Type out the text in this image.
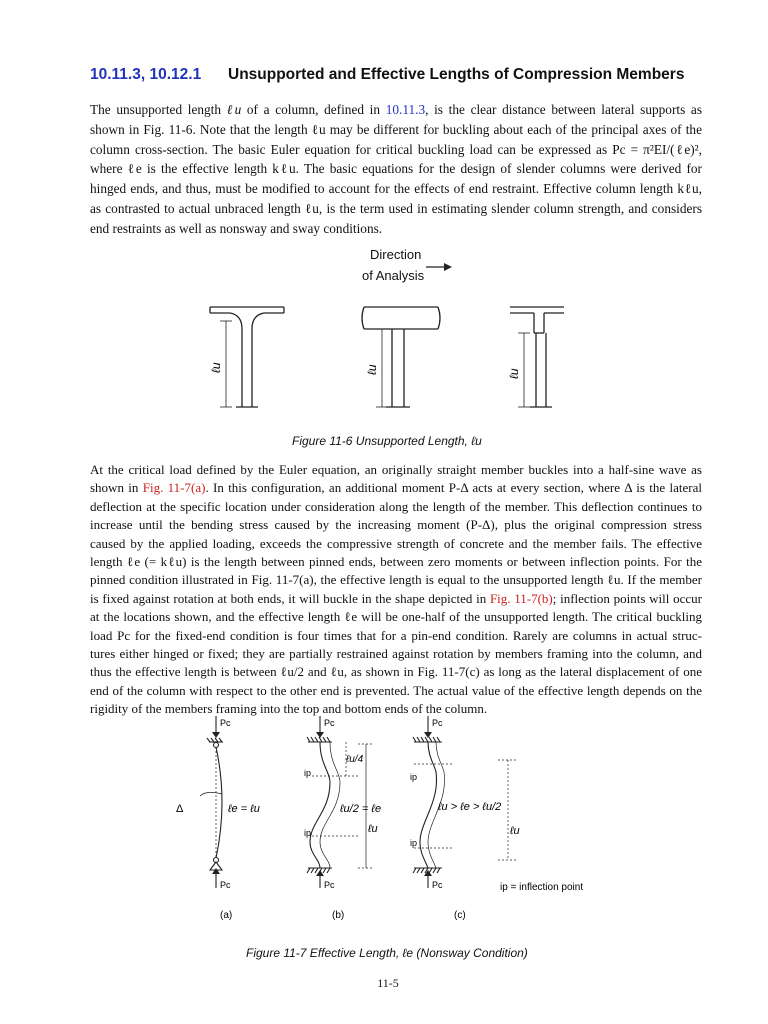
10.11.3, 10.12.1 Unsupported and Effective Lengths of Compression Members
The unsupported length ℓu of a column, defined in 10.11.3, is the clear distance between lateral supports as
shown in Fig. 11-6. Note that the length ℓu may be different for buckling about each of the principal axes of the
column cross-section. The basic Euler equation for critical buckling load can be expressed as Pc = π²EI/(ℓe)²,
where ℓe is the effective length kℓu. The basic equations for the design of slender columns were derived for
hinged ends, and thus, must be modified to account for the effects of end restraint. Effective column length kℓu,
as contrasted to actual unbraced length ℓu, is the term used in estimating slender column strength, and considers
end restraints as well as nonsway and sway conditions.
Direction
of Analysis
ℓu	ℓu	ℓu
Figure 11-6 Unsupported Length, ℓu
At the critical load defined by the Euler equation, an originally straight member buckles into a half-sine wave as
shown in Fig. 11-7(a). In this configuration, an additional moment P-Δ acts at every section, where Δ is the lateral
deflection at the specific location under consideration along the length of the member. This deflection continues to
increase until the bending stress caused by the increasing moment (P-Δ), plus the original compression stress
caused by the applied loading, exceeds the compressive strength of concrete and the member fails. The effective
length ℓe (= kℓu) is the length between pinned ends, between zero moments or between inflection points. For the
pinned condition illustrated in Fig. 11-7(a), the effective length is equal to the unsupported length ℓu. If the member
is fixed against rotation at both ends, it will buckle in the shape depicted in Fig. 11-7(b); inflection points will occur
at the locations shown, and the effective length ℓe will be one-half of the unsupported length. The critical buckling
load Pc for the fixed-end condition is four times that for a pin-end condition. Rarely are columns in actual struc-
tures either hinged or fixed; they are partially restrained against rotation by members framing into the column, and
thus the effective length is between ℓu/2 and ℓu, as shown in Fig. 11-7(c) as long as the lateral displacement of one
end of the column with respect to the other end is prevented. The actual value of the effective length depends on the
rigidity of the members framing into the top and bottom ends of the column.
Pc
Pc
Δ	ℓe = ℓu
Pc
Pc
ip
ip
ℓu/4
ℓu/2 = ℓe
ℓu
Pc
Pc
ip
ip
ℓu > ℓe > ℓu/2
ℓu
ip = inflection point
(a)	(b)	(c)
Figure 11-7 Effective Length, ℓe (Nonsway Condition)
11-5
